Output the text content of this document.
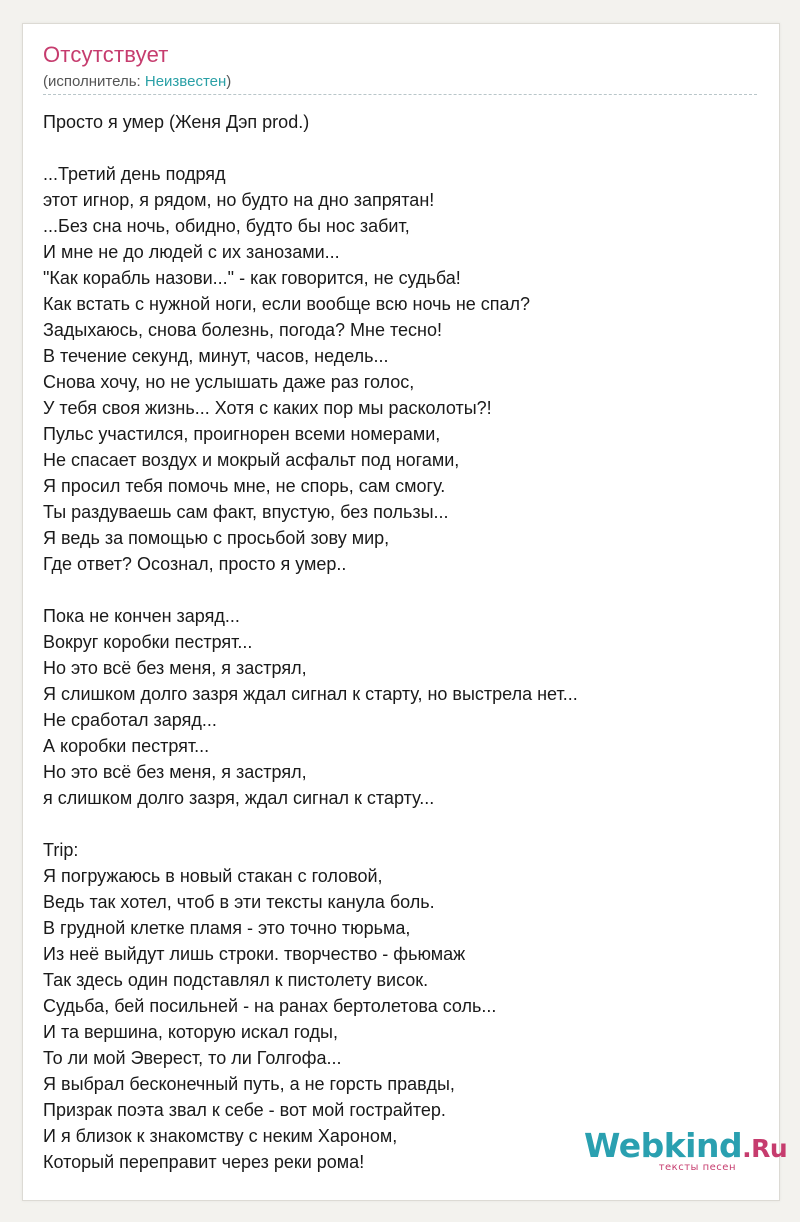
Отсутствует
(исполнитель: Неизвестен)
Просто я умер (Женя Дэп prod.)
...Третий день подряд
этот игнор, я рядом, но будто на дно запрятан!
...Без сна ночь, обидно, будто бы нос забит,
И мне не до людей с их занозами...
"Как корабль назови..." - как говорится, не судьба!
Как встать с нужной ноги, если вообще всю ночь не спал?
Задыхаюсь, снова болезнь, погода? Мне тесно!
В течение секунд, минут, часов, недель...
Снова хочу, но не услышать даже раз голос,
У тебя своя жизнь... Хотя с каких пор мы расколоты?!
Пульс участился, проигнорен всеми номерами,
Не спасает воздух и мокрый асфальт под ногами,
Я просил тебя помочь мне, не спорь, сам смогу.
Ты раздуваешь сам факт, впустую, без пользы...
Я ведь за помощью с просьбой зову мир,
Где ответ? Осознал, просто я умер..
Пока не кончен заряд...
Вокруг коробки пестрят...
Но это всё без меня, я застрял,
Я слишком долго зазря ждал сигнал к старту, но выстрела нет...
Не сработал заряд...
А коробки пестрят...
Но это всё без меня, я застрял,
я слишком долго зазря, ждал сигнал к старту...
Trip:
Я погружаюсь в новый стакан с головой,
Ведь так хотел, чтоб в эти тексты канула боль.
В грудной клетке пламя - это точно тюрьма,
Из неё выйдут лишь строки. творчество - фьюмаж
Так здесь один подставлял к пистолету висок.
Судьба, бей посильней - на ранах бертолетова соль...
И та вершина, которую искал годы,
То ли мой Эверест, то ли Голгофа...
Я выбрал бесконечный путь, а не горсть правды,
Призрак поэта звал к себе - вот мой гострайтер.
И я близок к знакомству с неким Хароном,
Который переправит через реки рома!	Webkind.Ru
тексты песен
